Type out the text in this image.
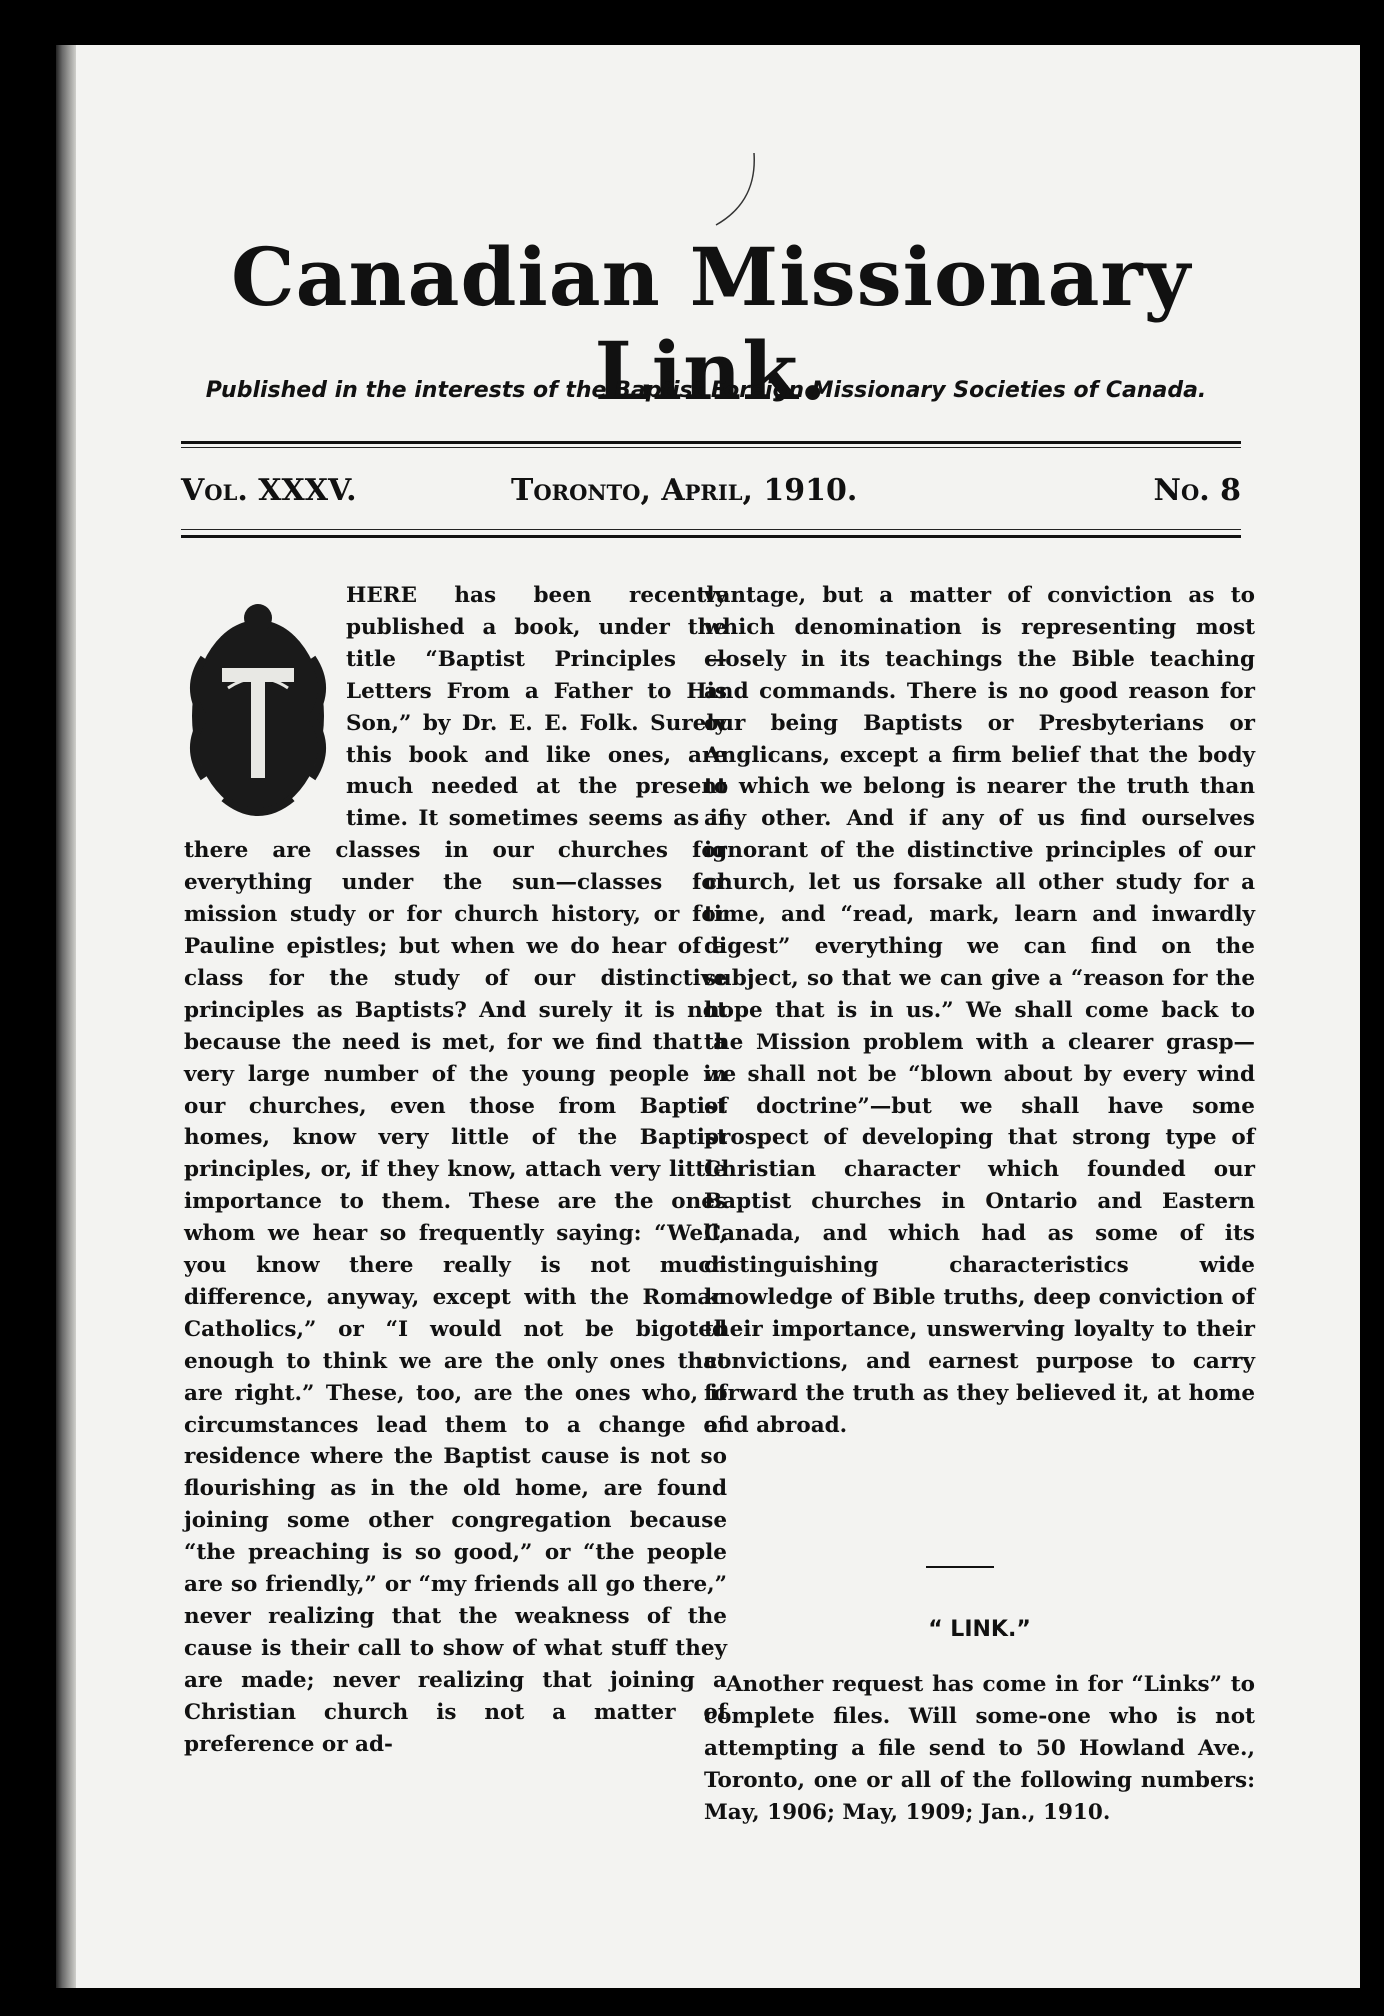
Canadian Missionary Link.
Published in the interests of the Baptist Foreign Missionary Societies of Canada.
Vol. XXXV.	Toronto, April, 1910.	No. 8

HERE has been recently published a book, under the title “Baptist Principles — Letters From a Father to His Son,” by Dr. E. E. Folk. Surely this book and like ones, are much needed at the present time. It sometimes seems as if there are classes in our churches for everything under the sun—classes for mission study or for church history, or for Pauline epistles; but when we do hear of a class for the study of our distinctive principles as Baptists? And surely it is not because the need is met, for we find that a very large number of the young people in our churches, even those from Baptist homes, know very little of the Baptist principles, or, if they know, attach very little importance to them. These are the ones whom we hear so frequently saying: “Well, you know there really is not much difference, anyway, except with the Roman Catholics,” or “I would not be bigoted enough to think we are the only ones that are right.” These, too, are the ones who, if circumstances lead them to a change of residence where the Baptist cause is not so flourishing as in the old home, are found joining some other congregation because “the preaching is so good,” or “the people are so friendly,” or “my friends all go there,” never realizing that the weakness of the cause is their call to show of what stuff they are made; never realizing that joining a Christian church is not a matter of preference or ad-

vantage, but a matter of conviction as to which denomination is representing most closely in its teachings the Bible teaching and commands. There is no good reason for our being Baptists or Presbyterians or Anglicans, except a firm belief that the body to which we belong is nearer the truth than any other. And if any of us find ourselves ignorant of the distinctive principles of our church, let us forsake all other study for a time, and “read, mark, learn and inwardly digest” everything we can find on the subject, so that we can give a “reason for the hope that is in us.” We shall come back to the Mission problem with a clearer grasp—we shall not be “blown about by every wind of doctrine”—but we shall have some prospect of developing that strong type of Christian character which founded our Baptist churches in Ontario and Eastern Canada, and which had as some of its distinguishing characteristics wide knowledge of Bible truths, deep conviction of their importance, unswerving loyalty to their convictions, and earnest purpose to carry forward the truth as they believed it, at home and abroad.

“ LINK.”
Another request has come in for “Links” to complete files. Will some-one who is not attempting a file send to 50 Howland Ave., Toronto, one or all of the following numbers: May, 1906; May, 1909; Jan., 1910.
